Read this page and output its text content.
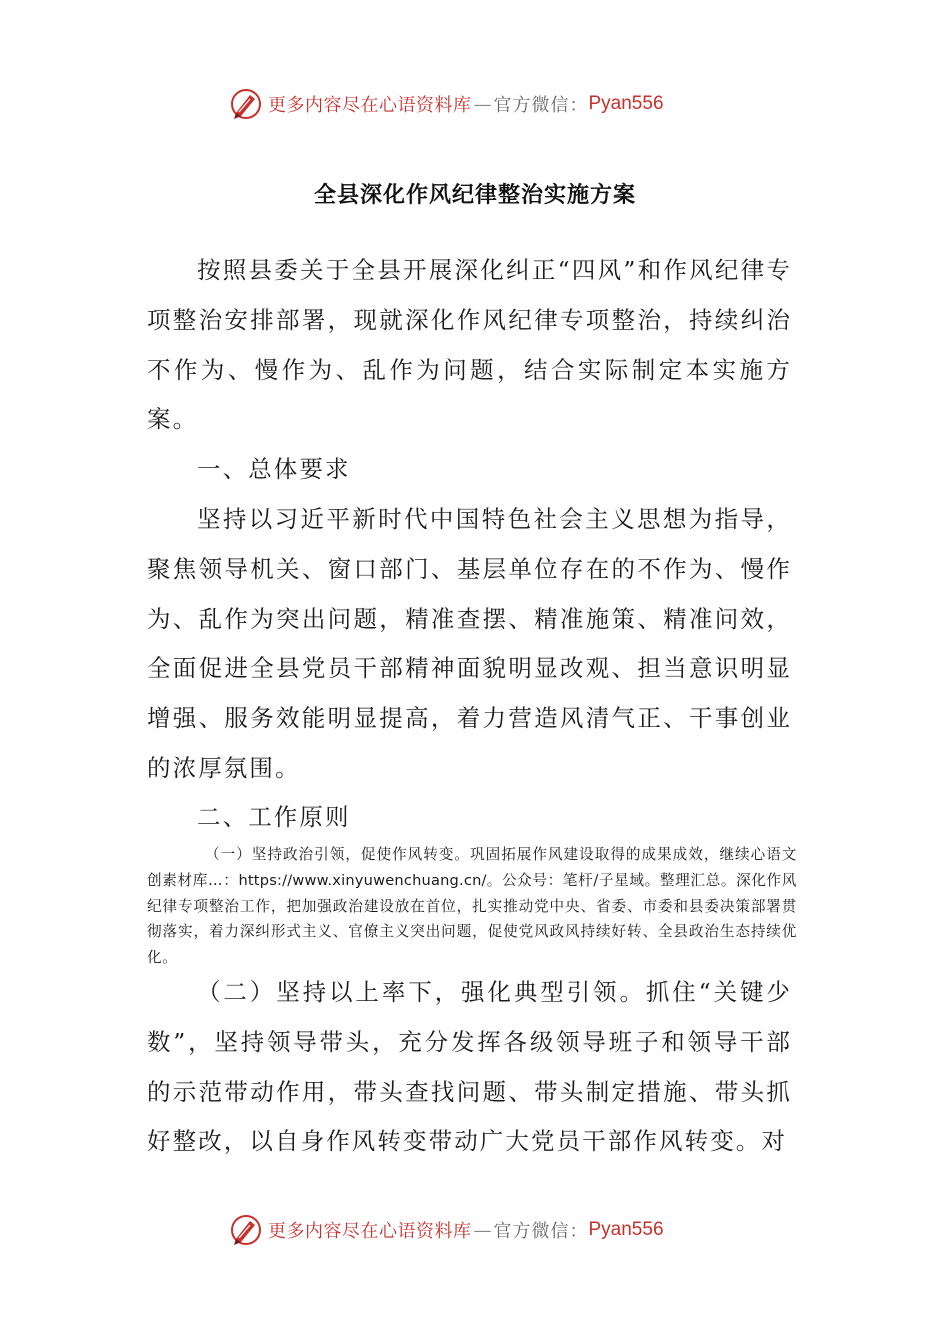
更多内容尽在心语资料库 — 官方微信： Pyan556
全县深化作风纪律整治实施方案

按照县委关于全县开展深化纠正“四风”和作风纪律专项整治安排部署，现就深化作风纪律专项整治，持续纠治不作为、慢作为、乱作为问题，结合实际制定本实施方案。

一、总体要求

坚持以习近平新时代中国特色社会主义思想为指导，聚焦领导机关、窗口部门、基层单位存在的不作为、慢作为、乱作为突出问题，精准查摆、精准施策、精准问效，全面促进全县党员干部精神面貌明显改观、担当意识明显增强、服务效能明显提高，着力营造风清气正、干事创业的浓厚氛围。

二、工作原则

（一）坚持政治引领，促使作风转变。巩固拓展作风建设取得的成果成效，继续心语文创素材库…：https://www.xinyuwenchuang.cn/。公众号：笔杆/子星域。整理汇总。深化作风纪律专项整治工作，把加强政治建设放在首位，扎实推动党中央、省委、市委和县委决策部署贯彻落实，着力深纠形式主义、官僚主义突出问题，促使党风政风持续好转、全县政治生态持续优化。

（二）坚持以上率下，强化典型引领。抓住“关键少数”，坚持领导带头，充分发挥各级领导班子和领导干部的示范带动作用，带头查找问题、带头制定措施、带头抓好整改，以自身作风转变带动广大党员干部作风转变。对

更多内容尽在心语资料库 — 官方微信： Pyan556
